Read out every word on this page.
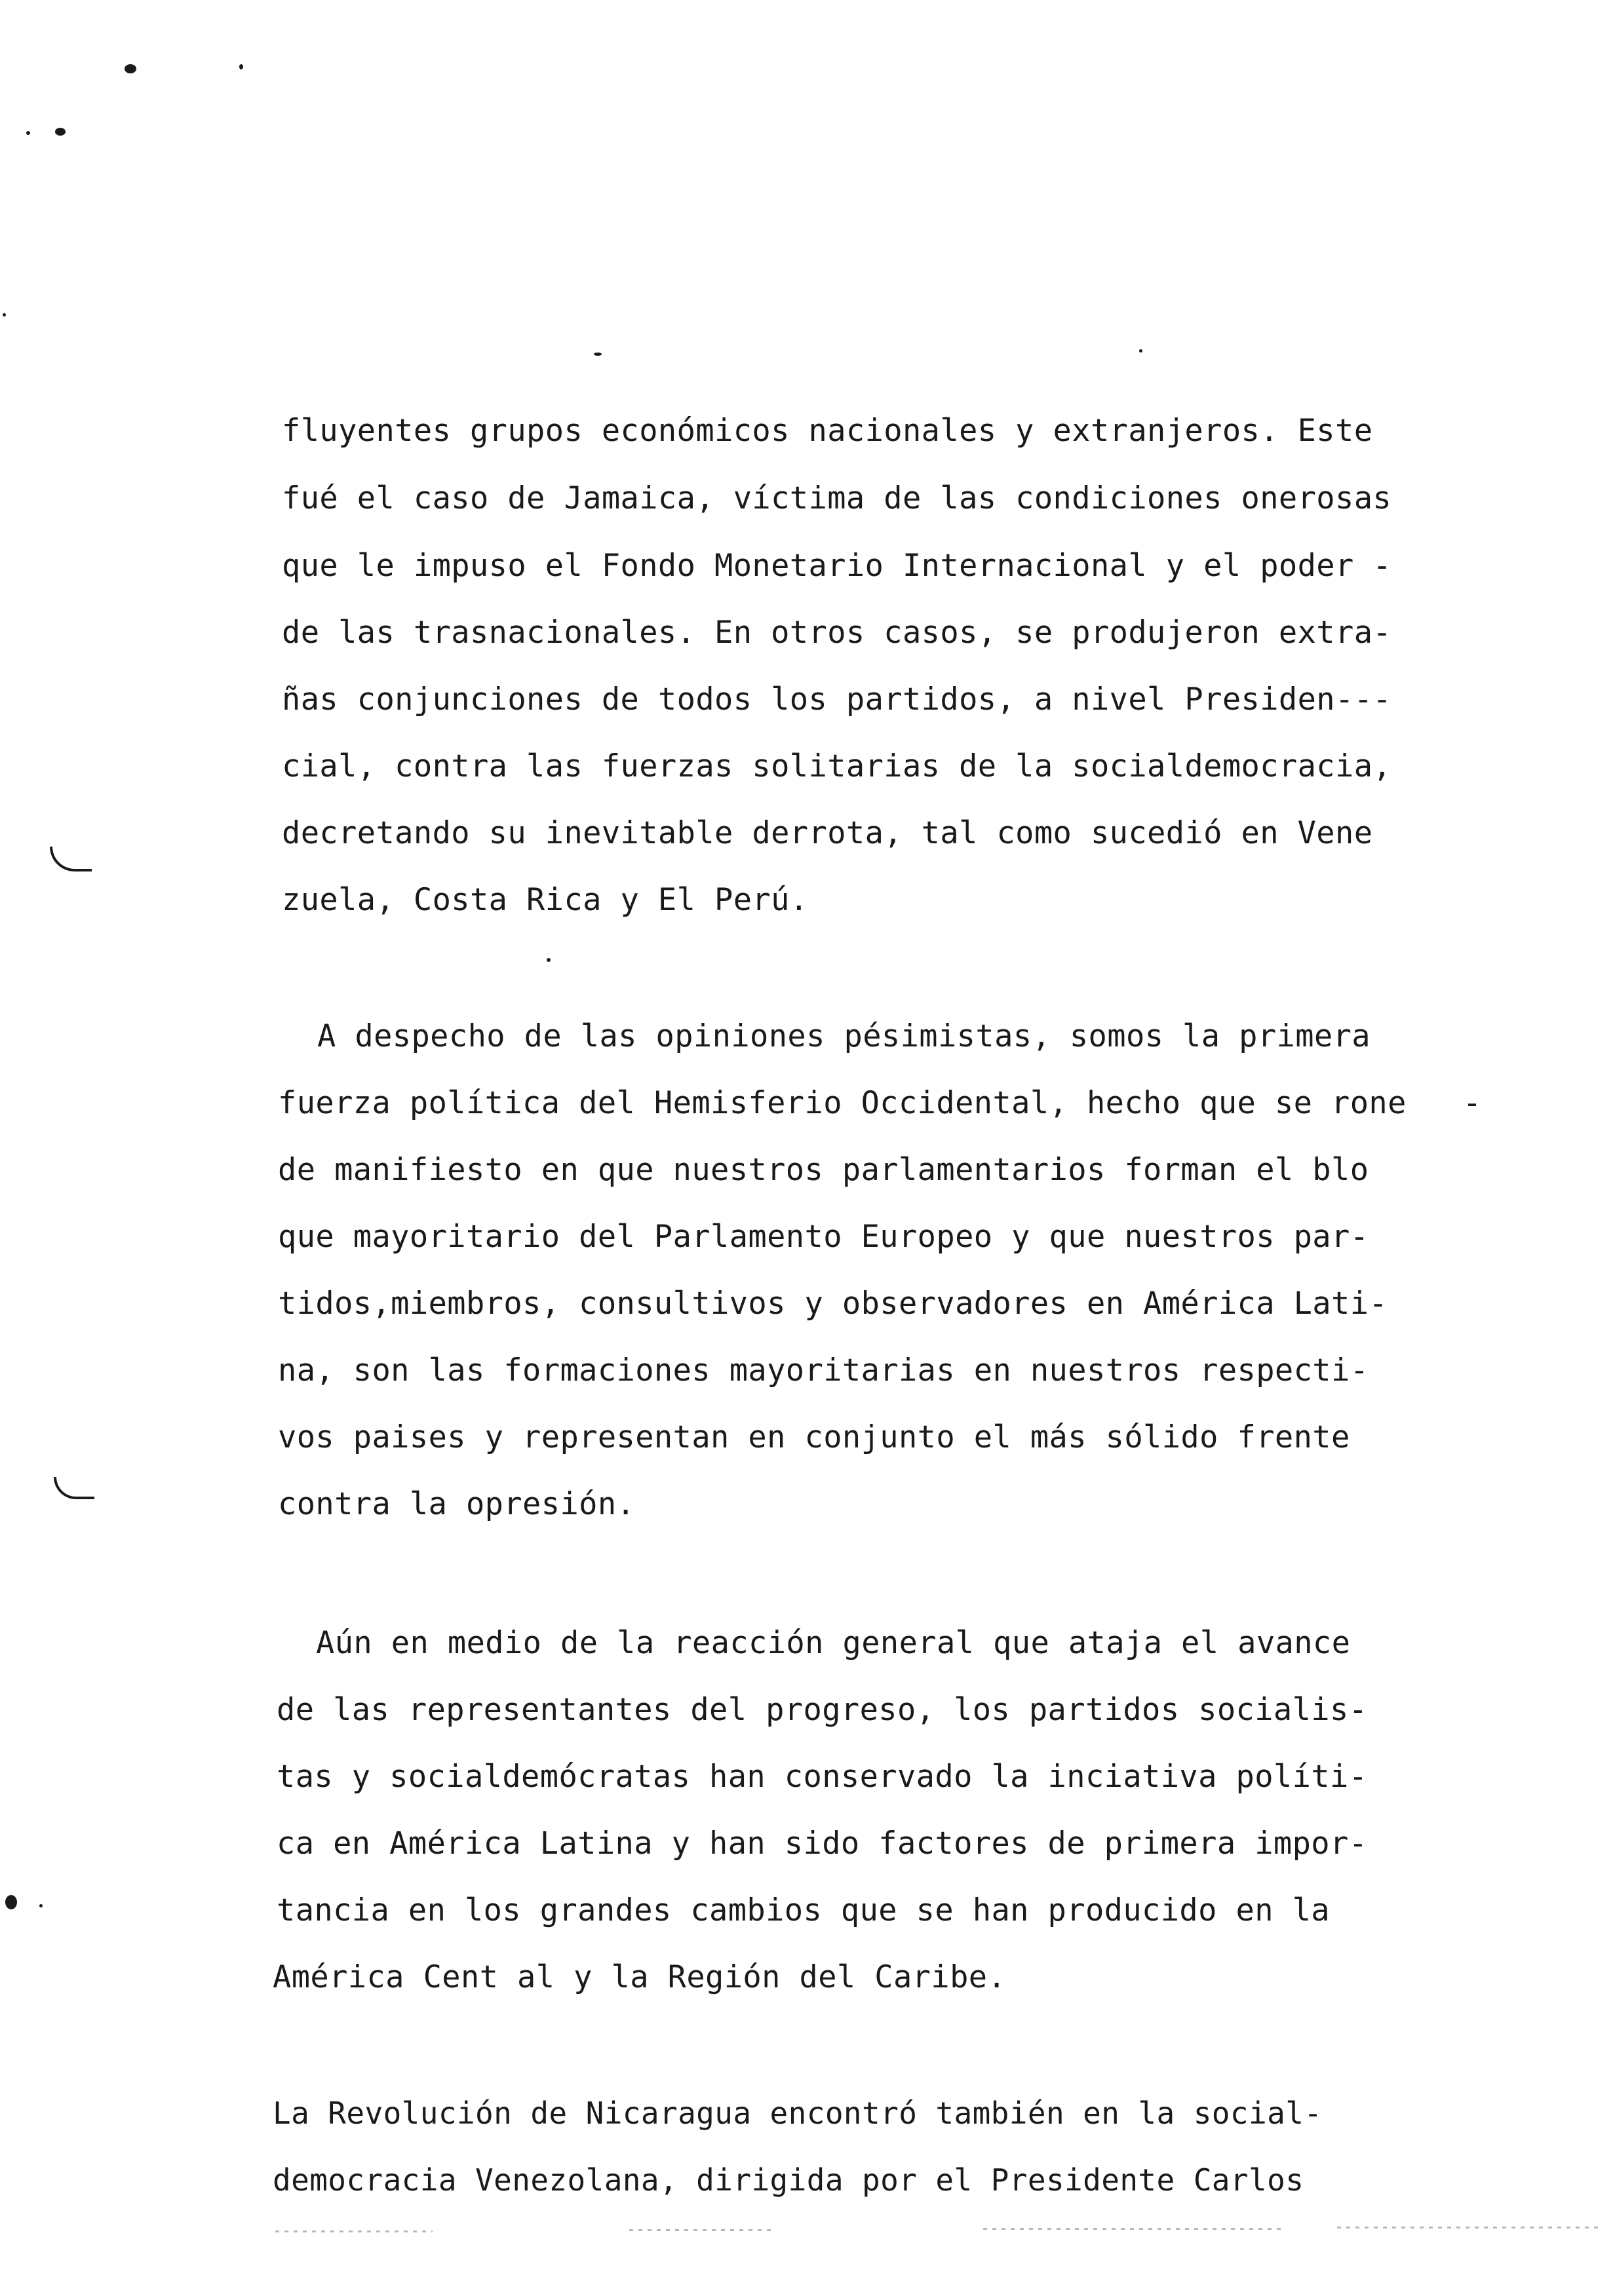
fluyentes grupos económicos nacionales y extranjeros. Este
fué el caso de Jamaica, víctima de las condiciones onerosas
que le impuso el Fondo Monetario Internacional y el poder -
de las trasnacionales. En otros casos, se produjeron extra-
ñas conjunciones de todos los partidos, a nivel Presiden---
cial, contra las fuerzas solitarias de la socialdemocracia,
decretando su inevitable derrota, tal como sucedió en Vene
zuela, Costa Rica y El Perú.
A despecho de las opiniones pésimistas, somos la primera
fuerza política del Hemisferio Occidental, hecho que se rone   -
de manifiesto en que nuestros parlamentarios forman el blo
que mayoritario del Parlamento Europeo y que nuestros par-
tidos,miembros, consultivos y observadores en América Lati-
na, son las formaciones mayoritarias en nuestros respecti-
vos paises y representan en conjunto el más sólido frente
contra la opresión.
Aún en medio de la reacción general que ataja el avance
de las representantes del progreso, los partidos socialis-
tas y socialdemócratas han conservado la inciativa políti-
ca en América Latina y han sido factores de primera impor-
tancia en los grandes cambios que se han producido en la
América Cent al y la Región del Caribe.
La Revolución de Nicaragua encontró también en la social-
democracia Venezolana, dirigida por el Presidente Carlos
